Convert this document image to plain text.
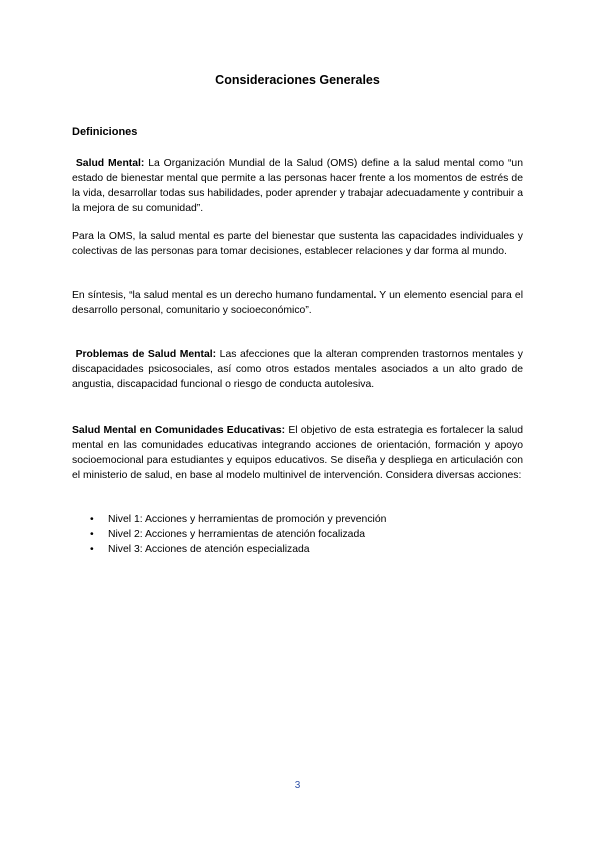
Consideraciones Generales
Definiciones
Salud Mental: La Organización Mundial de la Salud (OMS) define a la salud mental como “un estado de bienestar mental que permite a las personas hacer frente a los momentos de estrés de la vida, desarrollar todas sus habilidades, poder aprender y trabajar adecuadamente y contribuir a la mejora de su comunidad”.
Para la OMS, la salud mental es parte del bienestar que sustenta las capacidades individuales y colectivas de las personas para tomar decisiones, establecer relaciones y dar forma al mundo.
En síntesis, “la salud mental es un derecho humano fundamental. Y un elemento esencial para el desarrollo personal, comunitario y socioeconómico”.
Problemas de Salud Mental: Las afecciones que la alteran comprenden trastornos mentales y discapacidades psicosociales, así como otros estados mentales asociados a un alto grado de angustia, discapacidad funcional o riesgo de conducta autolesiva.
Salud Mental en Comunidades Educativas: El objetivo de esta estrategia es fortalecer la salud mental en las comunidades educativas integrando acciones de orientación, formación y apoyo socioemocional para estudiantes y equipos educativos. Se diseña y despliega en articulación con el ministerio de salud, en base al modelo multinivel de intervención. Considera diversas acciones:
• Nivel 1: Acciones y herramientas de promoción y prevención
• Nivel 2: Acciones y herramientas de atención focalizada
• Nivel 3: Acciones de atención especializada
3
